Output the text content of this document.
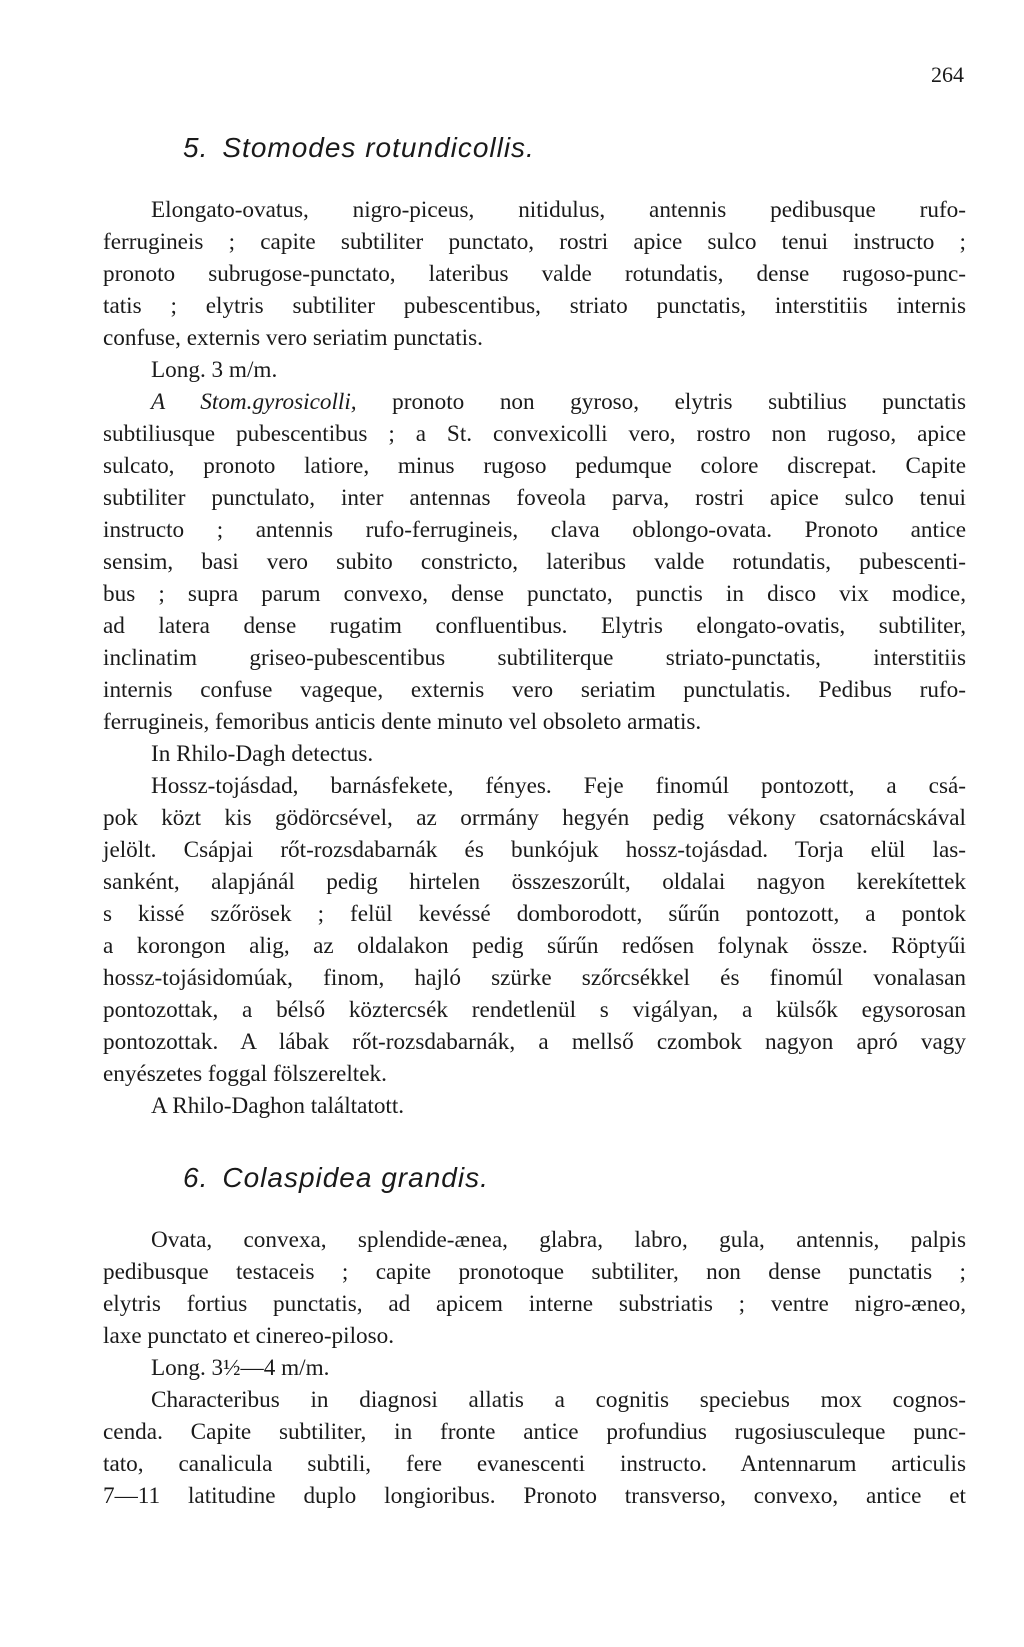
264
5. Stomodes rotundicollis.
Elongato-ovatus, nigro-piceus, nitidulus, antennis pedibusque rufo-
ferrugineis ; capite subtiliter punctato, rostri apice sulco tenui instructo ;
pronoto subrugose-punctato, lateribus valde rotundatis, dense rugoso-punc-
tatis ; elytris subtiliter pubescentibus, striato punctatis, interstitiis internis
confuse, externis vero seriatim punctatis.
Long. 3 m/m.
A Stom.gyrosicolli, pronoto non gyroso, elytris subtilius punctatis
subtiliusque pubescentibus ; a St. convexicolli vero, rostro non rugoso, apice
sulcato, pronoto latiore, minus rugoso pedumque colore discrepat. Capite
subtiliter punctulato, inter antennas foveola parva, rostri apice sulco tenui
instructo ; antennis rufo-ferrugineis, clava oblongo-ovata. Pronoto antice
sensim, basi vero subito constricto, lateribus valde rotundatis, pubescenti-
bus ; supra parum convexo, dense punctato, punctis in disco vix modice,
ad latera dense rugatim confluentibus. Elytris elongato-ovatis, subtiliter,
inclinatim griseo-pubescentibus subtiliterque striato-punctatis, interstitiis
internis confuse vageque, externis vero seriatim punctulatis. Pedibus rufo-
ferrugineis, femoribus anticis dente minuto vel obsoleto armatis.
In Rhilo-Dagh detectus.
Hossz-tojásdad, barnásfekete, fényes. Feje finomúl pontozott, a csá-
pok közt kis gödörcsével, az orrmány hegyén pedig vékony csatornácskával
jelölt. Csápjai rőt-rozsdabarnák és bunkójuk hossz-tojásdad. Torja elül las-
sanként, alapjánál pedig hirtelen összeszorúlt, oldalai nagyon kerekítettek
s kissé szőrösek ; felül kevéssé domborodott, sűrűn pontozott, a pontok
a korongon alig, az oldalakon pedig sűrűn redősen folynak össze. Röptyűi
hossz-tojásidomúak, finom, hajló szürke szőrcsékkel és finomúl vonalasan
pontozottak, a bélső köztercsék rendetlenül s vigályan, a külsők egysorosan
pontozottak. A lábak rőt-rozsdabarnák, a mellső czombok nagyon apró vagy
enyészetes foggal fölszereltek.
A Rhilo-Daghon találtatott.
6. Colaspidea grandis.
Ovata, convexa, splendide-æneа, glabra, labro, gula, antennis, palpis
pedibusque testaceis ; capite pronotoque subtiliter, non dense punctatis ;
elytris fortius punctatis, ad apicem interne substriatis ; ventre nigro-æneo,
laxe punctato et cinereo-piloso.
Long. 3½—4 m/m.
Characteribus in diagnosi allatis a cognitis speciebus mox cognos-
cenda. Capite subtiliter, in fronte antice profundius rugosiusculeque punc-
tato, canalicula subtili, fere evanescenti instructo. Antennarum articulis
7—11 latitudine duplo longioribus. Pronoto transverso, convexo, antice et
